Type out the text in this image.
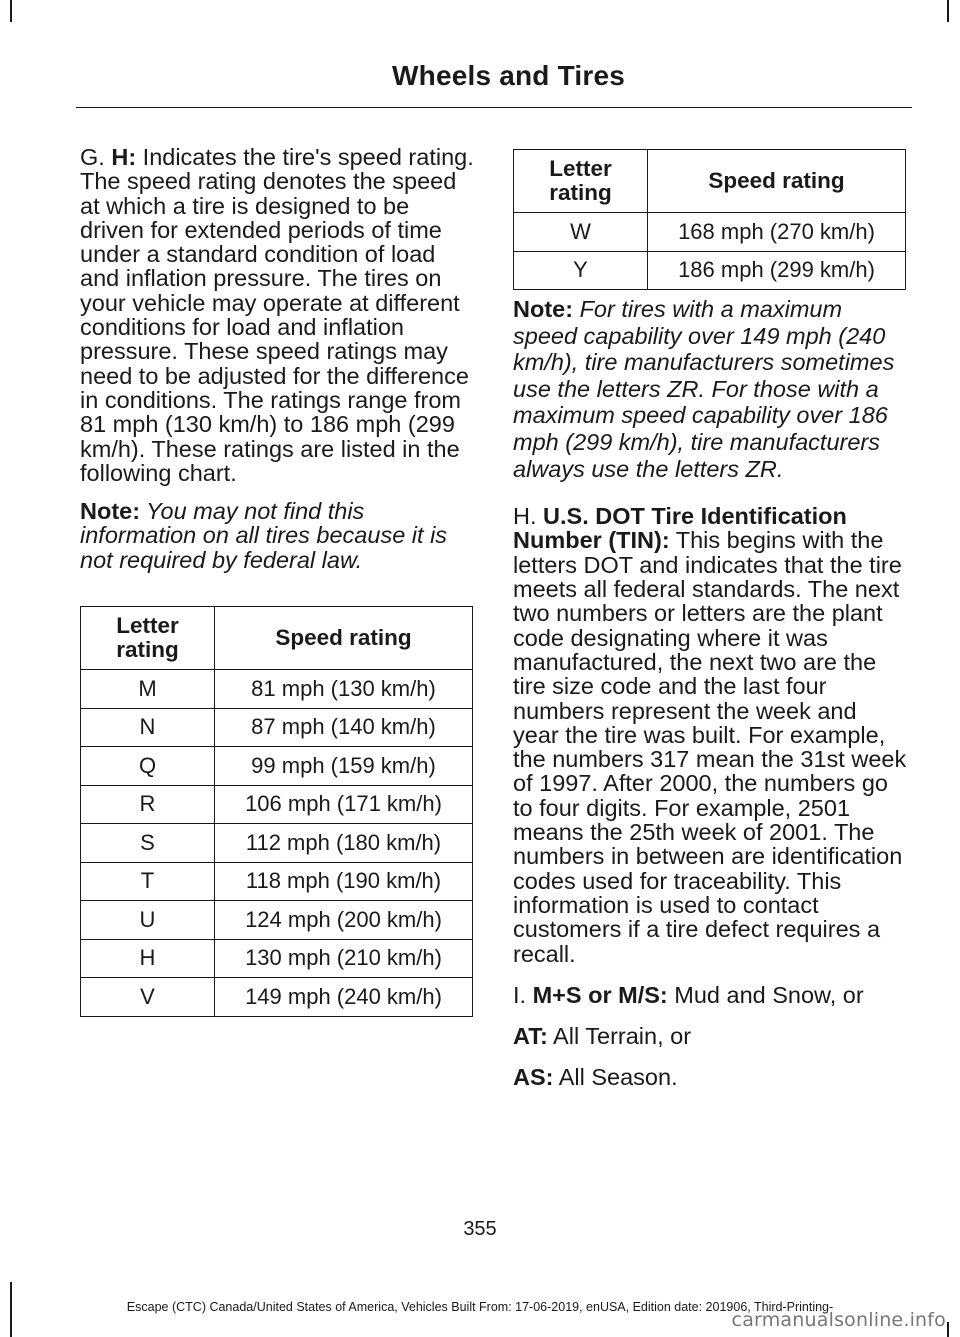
Wheels and Tires

G. H: Indicates the tire's speed rating. The speed rating denotes the speed at which a tire is designed to be driven for extended periods of time under a standard condition of load and inflation pressure. The tires on your vehicle may operate at different conditions for load and inflation pressure. These speed ratings may need to be adjusted for the difference in conditions. The ratings range from 81 mph (130 km/h) to 186 mph (299 km/h). These ratings are listed in the following chart.

Note: You may not find this information on all tires because it is not required by federal law.

Letter rating	Speed rating
M	81 mph (130 km/h)
N	87 mph (140 km/h)
Q	99 mph (159 km/h)
R	106 mph (171 km/h)
S	112 mph (180 km/h)
T	118 mph (190 km/h)
U	124 mph (200 km/h)
H	130 mph (210 km/h)
V	149 mph (240 km/h)
Letter rating	Speed rating
W	168 mph (270 km/h)
Y	186 mph (299 km/h)

Note: For tires with a maximum speed capability over 149 mph (240 km/h), tire manufacturers sometimes use the letters ZR. For those with a maximum speed capability over 186 mph (299 km/h), tire manufacturers always use the letters ZR.

H. U.S. DOT Tire Identification Number (TIN): This begins with the letters DOT and indicates that the tire meets all federal standards. The next two numbers or letters are the plant code designating where it was manufactured, the next two are the tire size code and the last four numbers represent the week and year the tire was built. For example, the numbers 317 mean the 31st week of 1997. After 2000, the numbers go to four digits. For example, 2501 means the 25th week of 2001. The numbers in between are identification codes used for traceability. This information is used to contact customers if a tire defect requires a recall.

I. M+S or M/S: Mud and Snow, or

AT: All Terrain, or

AS: All Season.

355
Escape (CTC) Canada/United States of America, Vehicles Built From: 17-06-2019, enUSA, Edition date: 201906, Third-Printing-
carmanualsonline.info
